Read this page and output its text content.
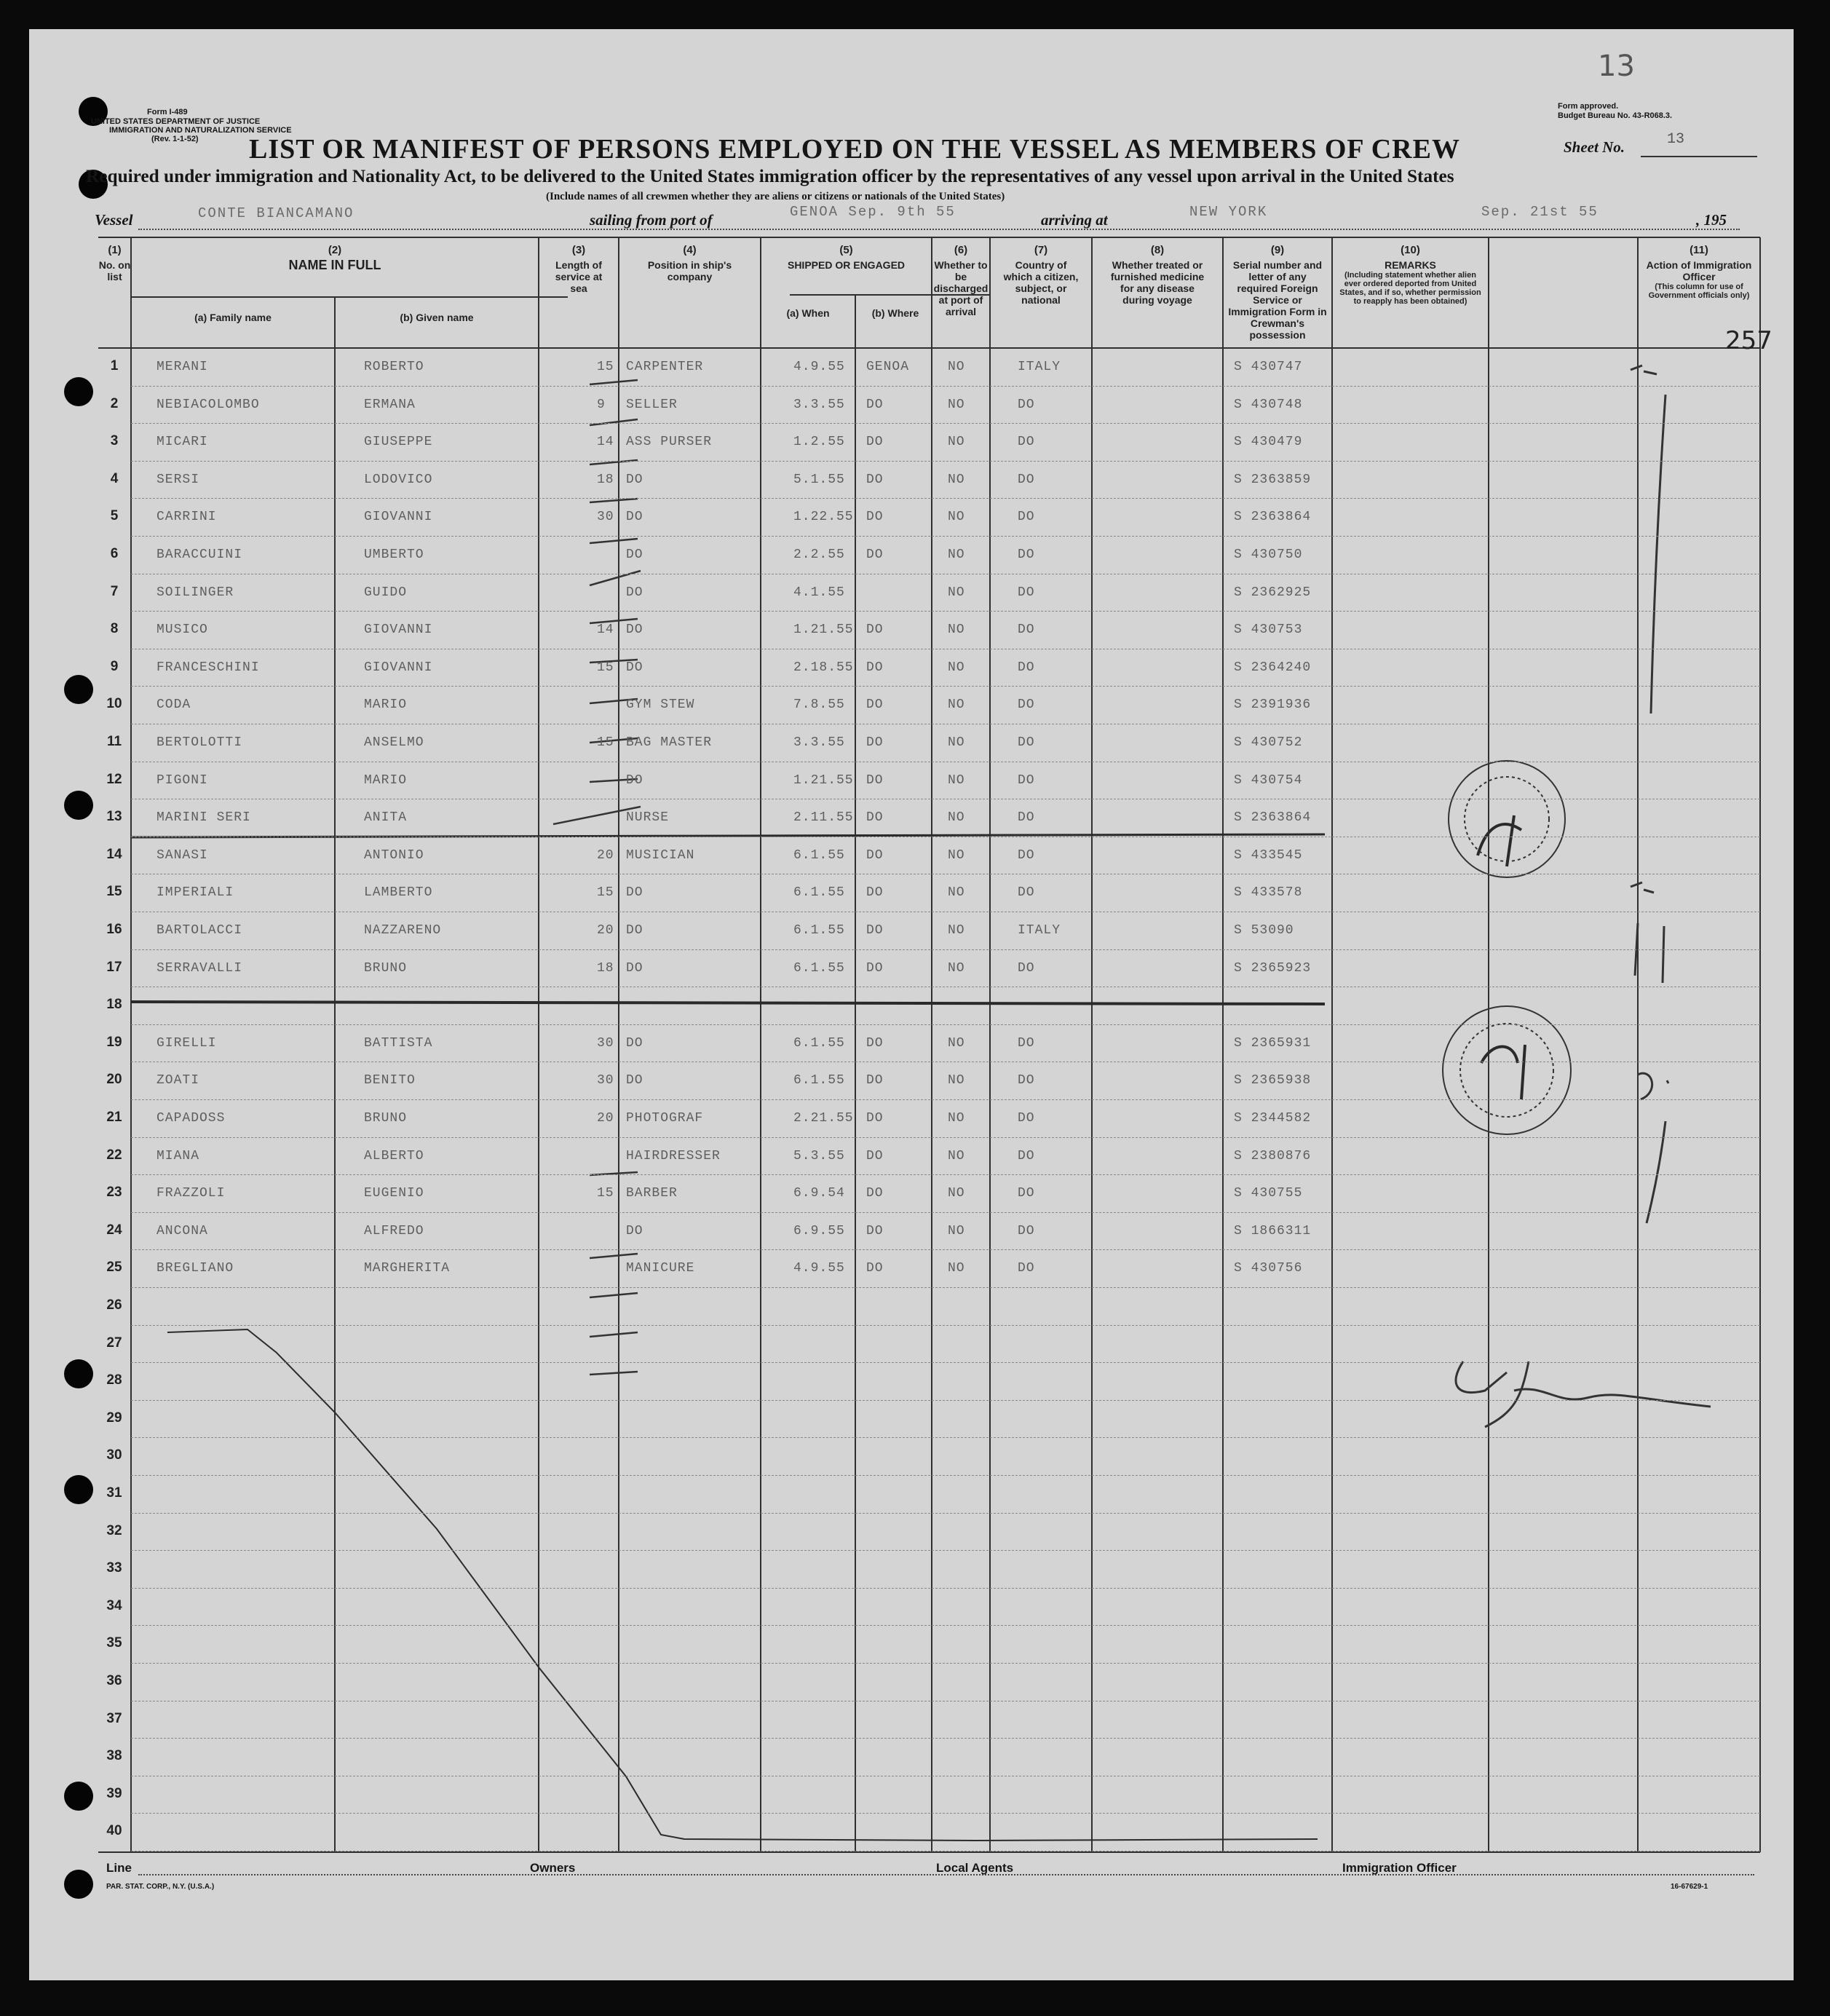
Form I-489
UNITED STATES DEPARTMENT OF JUSTICE
IMMIGRATION AND NATURALIZATION SERVICE
(Rev. 1-1-52)
Form approved.
Budget Bureau No. 43-R068.3.
13
LIST OR MANIFEST OF PERSONS EMPLOYED ON THE VESSEL AS MEMBERS OF CREW	Sheet No.	13
Required under immigration and Nationality Act, to be delivered to the United States immigration officer by the representatives of any vessel upon arrival in the United States
(Include names of all crewmen whether they are aliens or citizens or nationals of the United States)
Vessel	CONTE BIANCAMANO	sailing from port of	GENOA Sep. 9th 55	arriving at	NEW YORK	Sep. 21st 55	, 195
(1)
No. on list
(2)
NAME IN FULL
(a) Family name	(b) Given name
(3)
Length of service at sea
(4)
Position in ship's company
(5)
SHIPPED OR ENGAGED
(a) When	(b) Where
(6)
Whether to be discharged at port of arrival
(7)
Country of which a citizen, subject, or national
(8)
Whether treated or furnished medicine for any disease during voyage
(9)
Serial number and letter of any required Foreign Service or Immigration Form in Crewman's possession
(10)
REMARKS
(Including statement whether alien ever ordered deported from United States, and if so, whether permission to reapply has been obtained)
(11)
Action of Immigration Officer
(This column for use of Government officials only)
257
1	MERANI	ROBERTO	15 CARPENTER	4.9.55 GENOA	NO	ITALY	S 430747
2	NEBIACOLOMBO	ERMANA	9 SELLER	3.3.55 DO	NO	DO	S 430748
3	MICARI	GIUSEPPE	14 ASS PURSER	1.2.55 DO	NO	DO	S 430479
4	SERSI	LODOVICO	18 DO	5.1.55 DO	NO	DO	S 2363859
5	CARRINI	GIOVANNI	30 DO	1.22.55 DO	NO	DO	S 2363864
6	BARACCUINI	UMBERTO	DO	2.2.55 DO	NO	DO	S 430750
7	SOILINGER	GUIDO	DO	4.1.55	NO	DO	S 2362925
8	MUSICO	GIOVANNI	14 DO	1.21.55 DO	NO	DO	S 430753
9	FRANCESCHINI	GIOVANNI	15 DO	2.18.55 DO	NO	DO	S 2364240
10	CODA	MARIO	GYM STEW	7.8.55 DO	NO	DO	S 2391936
11	BERTOLOTTI	ANSELMO	15 BAG MASTER	3.3.55 DO	NO	DO	S 430752
12	PIGONI	MARIO	DO	1.21.55 DO	NO	DO	S 430754
13	MARINI SERI	ANITA	NURSE	2.11.55 DO	NO	DO	S 2363864
14	SANASI	ANTONIO	20 MUSICIAN	6.1.55 DO	NO	DO	S 433545
15	IMPERIALI	LAMBERTO	15 DO	6.1.55 DO	NO	DO	S 433578
16	BARTOLACCI	NAZZARENO	20 DO	6.1.55 DO	NO	ITALY	S 53090
17	SERRAVALLI	BRUNO	18 DO	6.1.55 DO	NO	DO	S 2365923
18
19	GIRELLI	BATTISTA	30 DO	6.1.55 DO	NO	DO	S 2365931
20	ZOATI	BENITO	30 DO	6.1.55 DO	NO	DO	S 2365938
21	CAPADOSS	BRUNO	20 PHOTOGRAF	2.21.55 DO	NO	DO	S 2344582
22	MIANA	ALBERTO	HAIRDRESSER	5.3.55 DO	NO	DO	S 2380876
23	FRAZZOLI	EUGENIO	15 BARBER	6.9.54 DO	NO	DO	S 430755
24	ANCONA	ALFREDO	DO	6.9.55 DO	NO	DO	S 1866311
25	BREGLIANO	MARGHERITA	MANICURE	4.9.55 DO	NO	DO	S 430756
26
27
28
29
30
31
32
33
34
35
36
37
38
39
40
Line	Owners	Local Agents	Immigration Officer
PAR. STAT. CORP., N.Y. (U.S.A.)	16-67629-1
